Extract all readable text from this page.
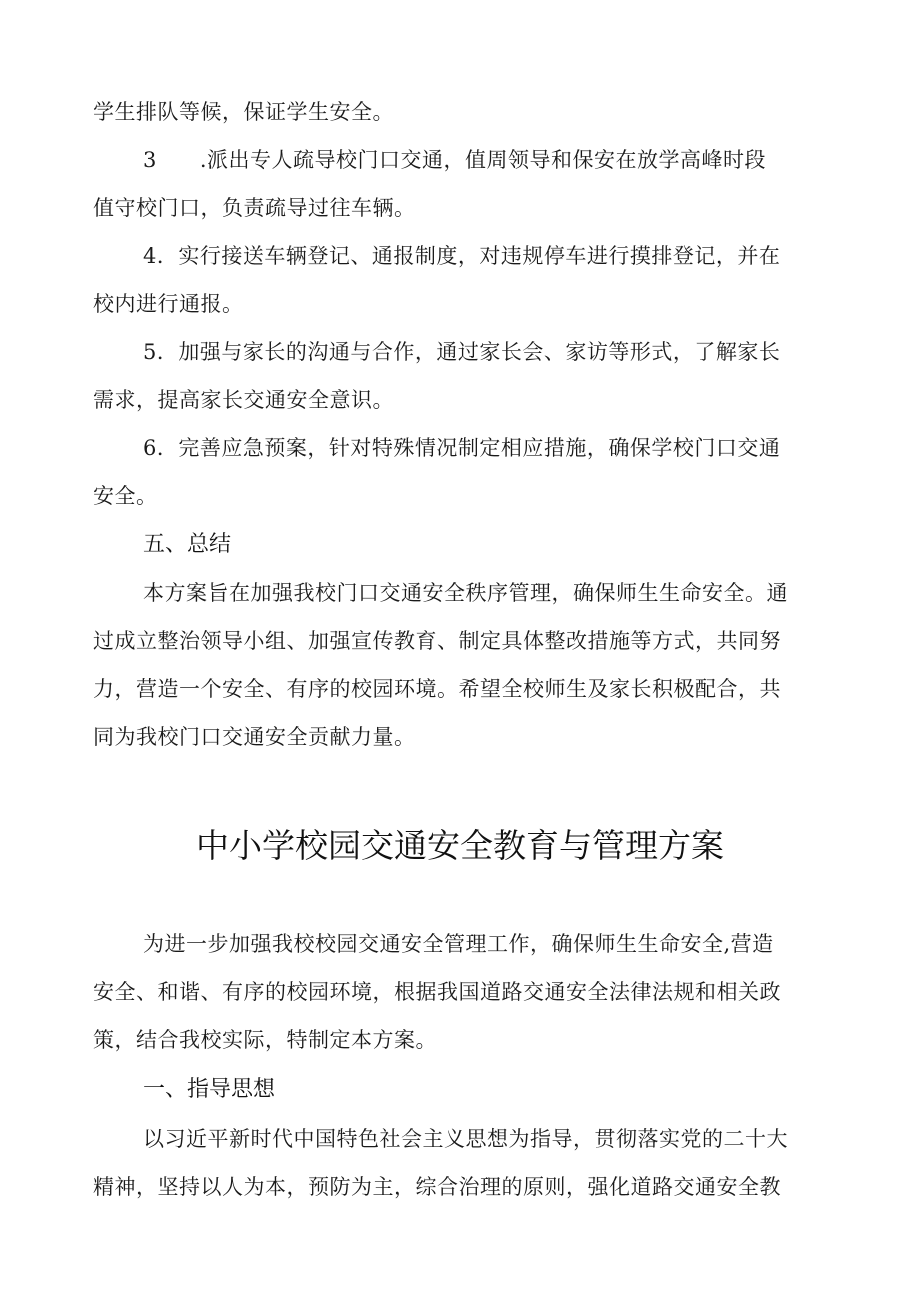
学生排队等候，保证学生安全。
3　　.派出专人疏导校门口交通，值周领导和保安在放学高峰时段
值守校门口，负责疏导过往车辆。
4．实行接送车辆登记、通报制度，对违规停车进行摸排登记，并在
校内进行通报。
5．加强与家长的沟通与合作，通过家长会、家访等形式，了解家长
需求，提高家长交通安全意识。
6．完善应急预案，针对特殊情况制定相应措施，确保学校门口交通
安全。
五、总结
本方案旨在加强我校门口交通安全秩序管理，确保师生生命安全。通
过成立整治领导小组、加强宣传教育、制定具体整改措施等方式，共同努
力，营造一个安全、有序的校园环境。希望全校师生及家长积极配合，共
同为我校门口交通安全贡献力量。
中小学校园交通安全教育与管理方案
为进一步加强我校校园交通安全管理工作，确保师生生命安全,营造
安全、和谐、有序的校园环境，根据我国道路交通安全法律法规和相关政
策，结合我校实际，特制定本方案。
一、指导思想
以习近平新时代中国特色社会主义思想为指导，贯彻落实党的二十大
精神，坚持以人为本，预防为主，综合治理的原则，强化道路交通安全教
